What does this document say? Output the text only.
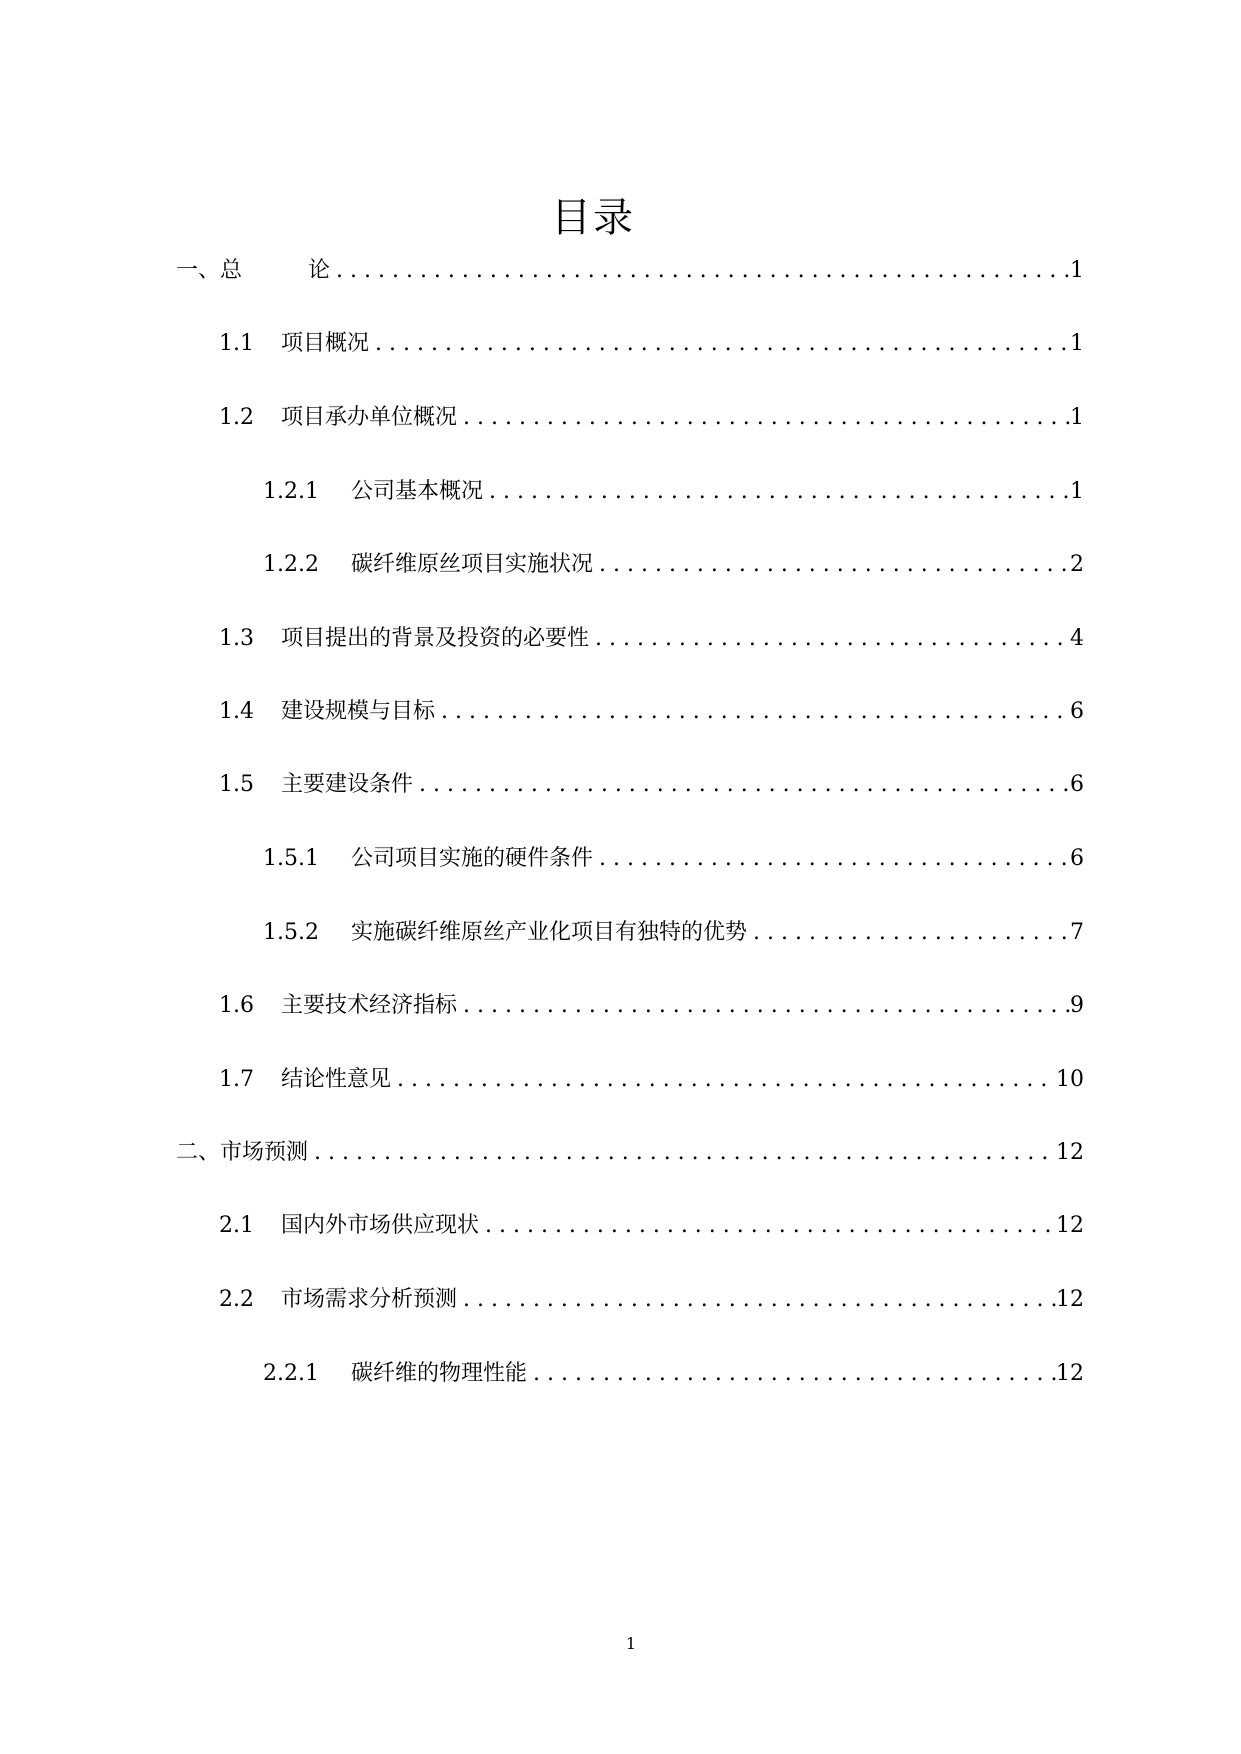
目录
一、 总　　　论 . . .	1
1.1	项目概况 . . .	1
1.2	项目承办单位概况 . . .	1
1.2.1	公司基本概况 . . .	1
1.2.2	碳纤维原丝项目实施状况 . . .	2
1.3	项目提出的背景及投资的必要性 . . .	4
1.4	建设规模与目标 . . .	6
1.5	主要建设条件 . . .	6
1.5.1	公司项目实施的硬件条件 . . .	6
1.5.2	实施碳纤维原丝产业化项目有独特的优势 . . .	7
1.6	主要技术经济指标 . . .	9
1.7	结论性意见 . . .	10
二、 市场预测 . . .	12
2.1	国内外市场供应现状 . . .	12
2.2	市场需求分析预测 . . .	12
2.2.1	碳纤维的物理性能 . . .	12
1
